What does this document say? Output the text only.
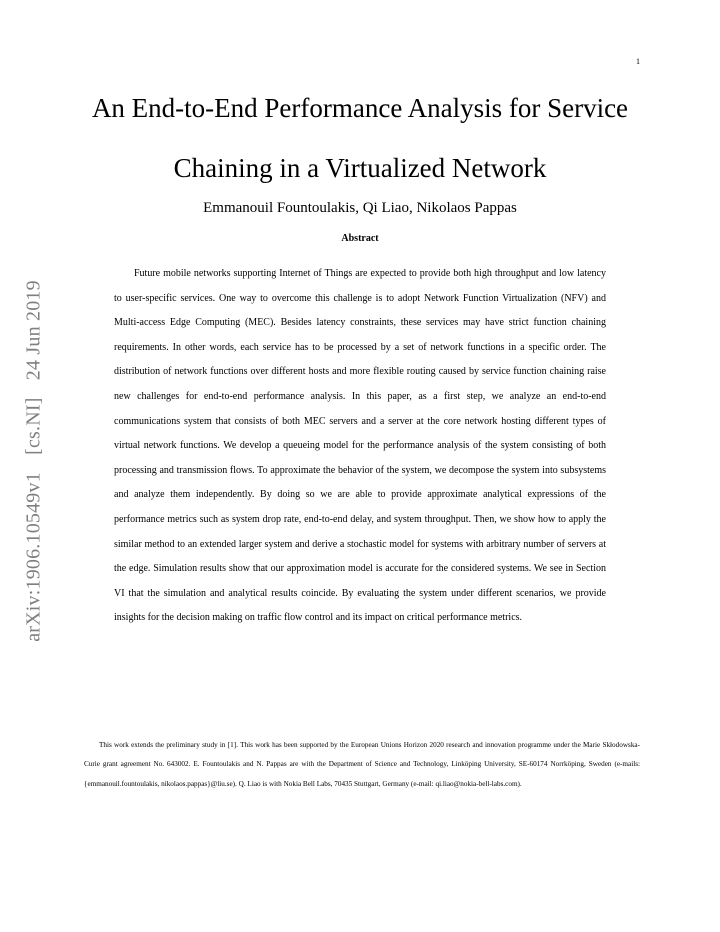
1
arXiv:1906.10549v1 [cs.NI] 24 Jun 2019
An End-to-End Performance Analysis for Service Chaining in a Virtualized Network
Emmanouil Fountoulakis, Qi Liao, Nikolaos Pappas
Abstract

Future mobile networks supporting Internet of Things are expected to provide both high throughput and low latency to user-specific services. One way to overcome this challenge is to adopt Network Function Virtualization (NFV) and Multi-access Edge Computing (MEC). Besides latency constraints, these services may have strict function chaining requirements. In other words, each service has to be processed by a set of network functions in a specific order. The distribution of network functions over different hosts and more flexible routing caused by service function chaining raise new challenges for end-to-end performance analysis. In this paper, as a first step, we analyze an end-to-end communications system that consists of both MEC servers and a server at the core network hosting different types of virtual network functions. We develop a queueing model for the performance analysis of the system consisting of both processing and transmission flows. To approximate the behavior of the system, we decompose the system into subsystems and analyze them independently. By doing so we are able to provide approximate analytical expressions of the performance metrics such as system drop rate, end-to-end delay, and system throughput. Then, we show how to apply the similar method to an extended larger system and derive a stochastic model for systems with arbitrary number of servers at the edge. Simulation results show that our approximation model is accurate for the considered systems. We see in Section VI that the simulation and analytical results coincide. By evaluating the system under different scenarios, we provide insights for the decision making on traffic flow control and its impact on critical performance metrics.

This work extends the preliminary study in [1]. This work has been supported by the European Unions Horizon 2020 research and innovation programme under the Marie Skłodowska-Curie grant agreement No. 643002. E. Fountoulakis and N. Pappas are with the Department of Science and Technology, Linköping University, SE-60174 Norrköping, Sweden (e-mails: {emmanouil.fountoulakis, nikolaos.pappas}@liu.se). Q. Liao is with Nokia Bell Labs, 70435 Stuttgart, Germany (e-mail: qi.liao@nokia-bell-labs.com).
